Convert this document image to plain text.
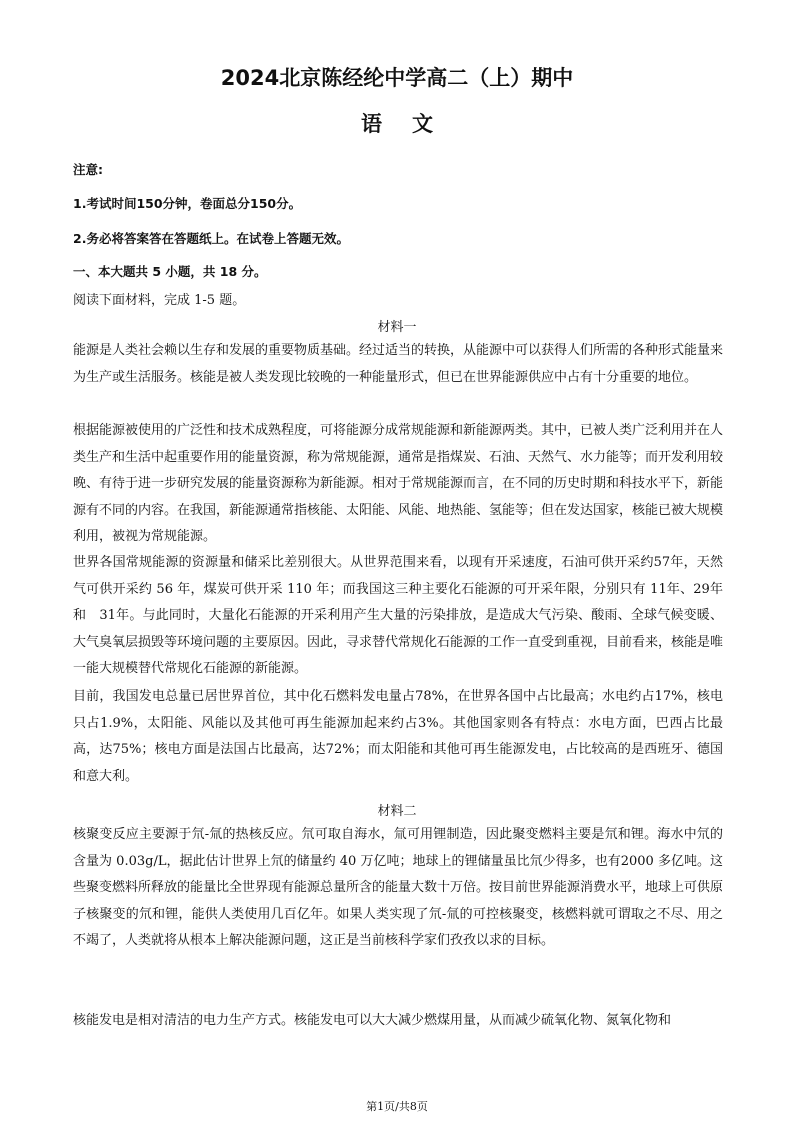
2024北京陈经纶中学高二（上）期中
语文
注意:
1.考试时间150分钟，卷面总分150分。
2.务必将答案答在答题纸上。在试卷上答题无效。
一、本大题共 5 小题，共 18 分。
阅读下面材料，完成 1-5 题。
材料一

能源是人类社会赖以生存和发展的重要物质基础。经过适当的转换，从能源中可以获得人们所需的各种形式能量来为生产或生活服务。核能是被人类发现比较晚的一种能量形式，但已在世界能源供应中占有十分重要的地位。

根据能源被使用的广泛性和技术成熟程度，可将能源分成常规能源和新能源两类。其中，已被人类广泛利用并在人类生产和生活中起重要作用的能量资源，称为常规能源，通常是指煤炭、石油、天然气、水力能等；而开发利用较晚、有待于进一步研究发展的能量资源称为新能源。相对于常规能源而言，在不同的历史时期和科技水平下，新能源有不同的内容。在我国，新能源通常指核能、太阳能、风能、地热能、氢能等；但在发达国家，核能已被大规模利用，被视为常规能源。

世界各国常规能源的资源量和储采比差别很大。从世界范围来看，以现有开采速度，石油可供开采约57年，天然气可供开采约 56 年，煤炭可供开采 110 年；而我国这三种主要化石能源的可开采年限，分别只有 11年、29年和　31年。与此同时，大量化石能源的开采利用产生大量的污染排放，是造成大气污染、酸雨、全球气候变暖、大气臭氧层损毁等环境问题的主要原因。因此，寻求替代常规化石能源的工作一直受到重视，目前看来，核能是唯一能大规模替代常规化石能源的新能源。

目前，我国发电总量已居世界首位，其中化石燃料发电量占78%，在世界各国中占比最高；水电约占17%，核电只占1.9%，太阳能、风能以及其他可再生能源加起来约占3%。其他国家则各有特点：水电方面，巴西占比最高，达75%；核电方面是法国占比最高，达72%；而太阳能和其他可再生能源发电，占比较高的是西班牙、德国和意大利。

材料二

核聚变反应主要源于氘-氚的热核反应。氘可取自海水，氚可用锂制造，因此聚变燃料主要是氘和锂。海水中氘的含量为 0.03g/L，据此估计世界上氘的储量约 40 万亿吨；地球上的锂储量虽比氘少得多，也有2000 多亿吨。这些聚变燃料所释放的能量比全世界现有能源总量所含的能量大数十万倍。按目前世界能源消费水平，地球上可供原子核聚变的氘和锂，能供人类使用几百亿年。如果人类实现了氘-氚的可控核聚变，核燃料就可谓取之不尽、用之不竭了，人类就将从根本上解决能源问题，这正是当前核科学家们孜孜以求的目标。

核能发电是相对清洁的电力生产方式。核能发电可以大大减少燃煤用量，从而减少硫氧化物、氮氧化物和

第1页/共8页
